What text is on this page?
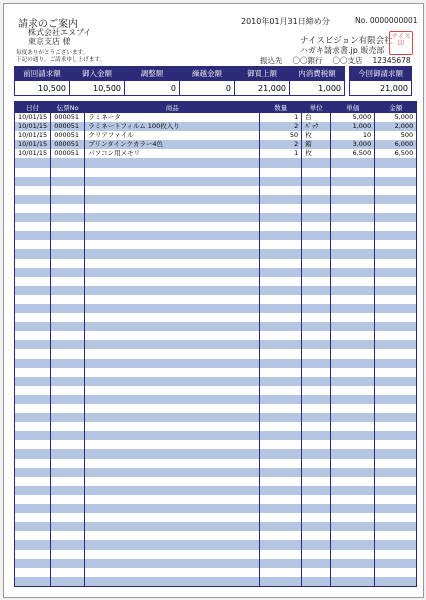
請求のご案内	2010年01月31日締め分	No. 0000000001
株式会社エヌブイ
東京支店 様
毎度ありがとうございます。
下記の通り、ご請求申し上げます。
ナイスビジョン有限会社
ハガキ請求書.jp 販売部
振込先 〇〇銀行 〇〇支店 12345678
ナイス印
前回請求額	御入金額	調整額	繰越金額	御買上額	内消費税額
10,500	10,500	0	0	21,000	1,000
今回御請求額
21,000
日付	伝票No	商品	数量	単位	単価	金額
10/01/15	000051	ラミネータ	1	台	5,000	5,000
10/01/15	000051	ラミネートフィルム 100枚入り	2	ﾊﾟｯｸ	1,000	2,000
10/01/15	000051	クリアファイル	50	枚	10	500
10/01/15	000051	プリンタインクカラー4色	2	箱	3,000	6,000
10/01/15	000051	パソコン用メモリ	1	枚	6,500	6,500
